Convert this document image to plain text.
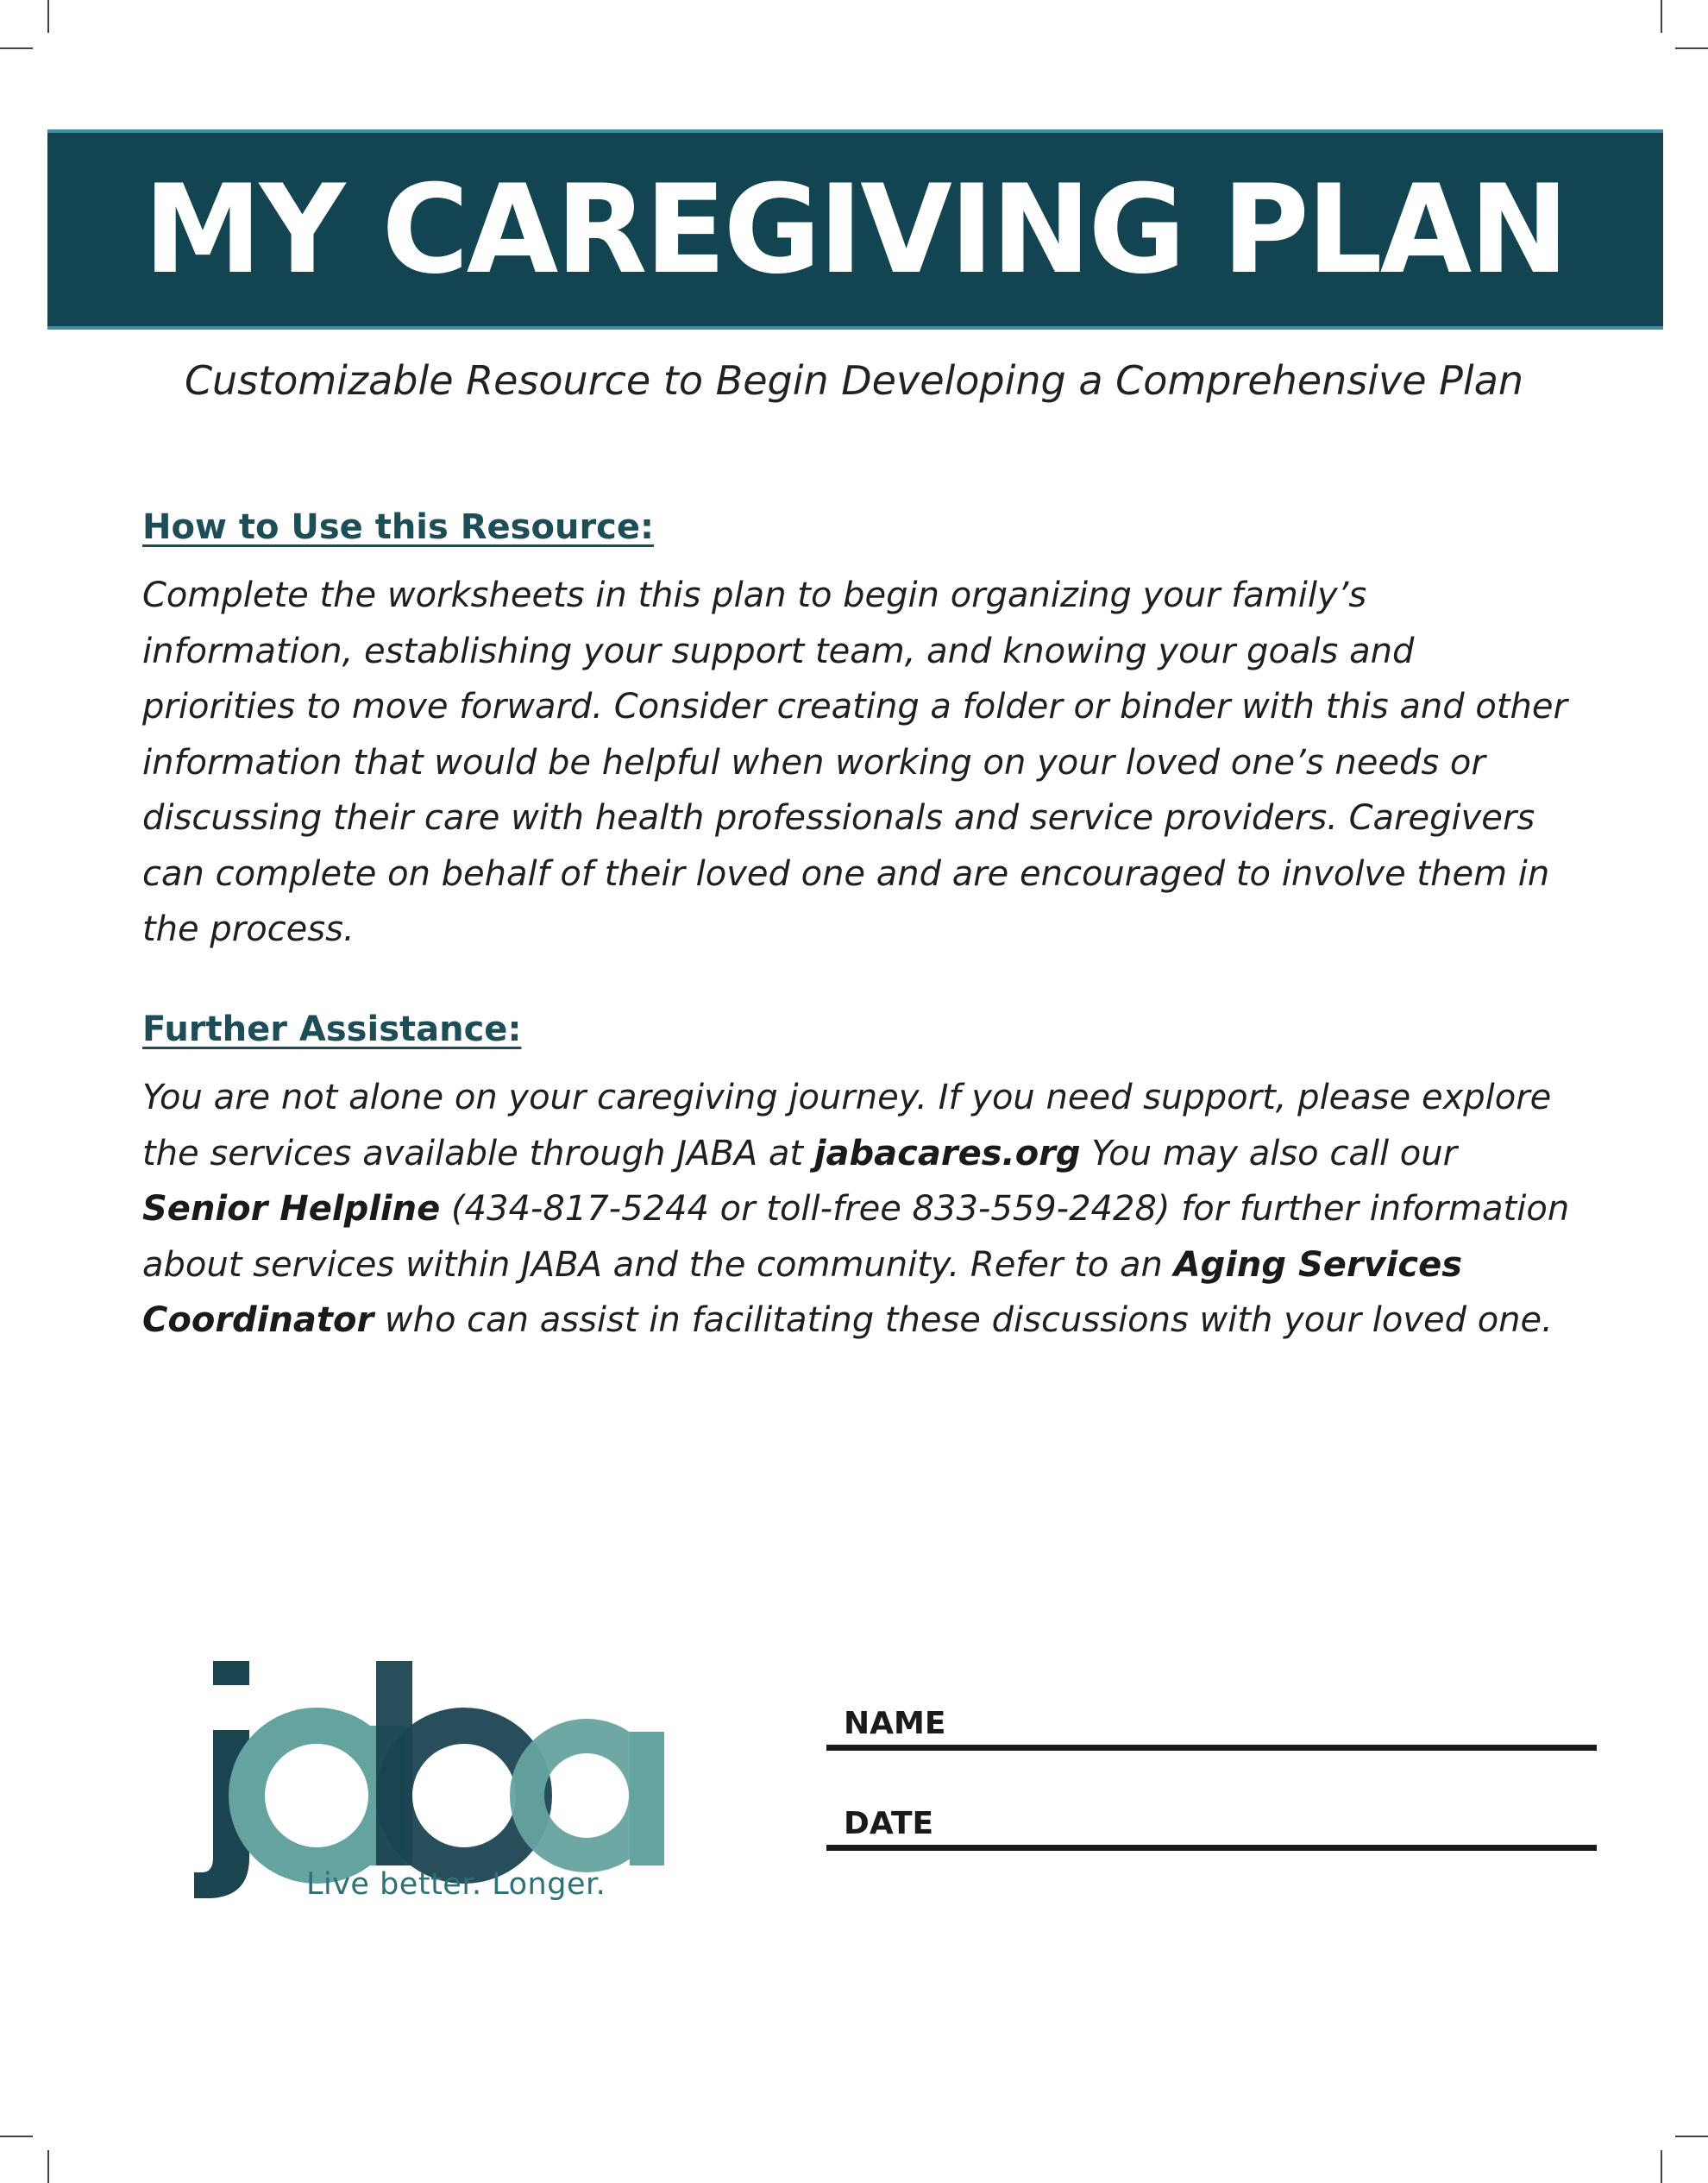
MY CAREGIVING PLAN
Customizable Resource to Begin Developing a Comprehensive Plan
How to Use this Resource:

Complete the worksheets in this plan to begin organizing your family’s information, establishing your support team, and knowing your goals and priorities to move forward. Consider creating a folder or binder with this and other information that would be helpful when working on your loved one’s needs or discussing their care with health professionals and service providers. Caregivers can complete on behalf of their loved one and are encouraged to involve them in the process.

Further Assistance:

You are not alone on your caregiving journey. If you need support, please explore the services available through JABA at jabacares.org You may also call our Senior Helpline (434-817-5244 or toll-free 833-559-2428) for further information about services within JABA and the community. Refer to an Aging Services Coordinator who can assist in facilitating these discussions with your loved one.

Live better. Longer.
NAME
DATE
